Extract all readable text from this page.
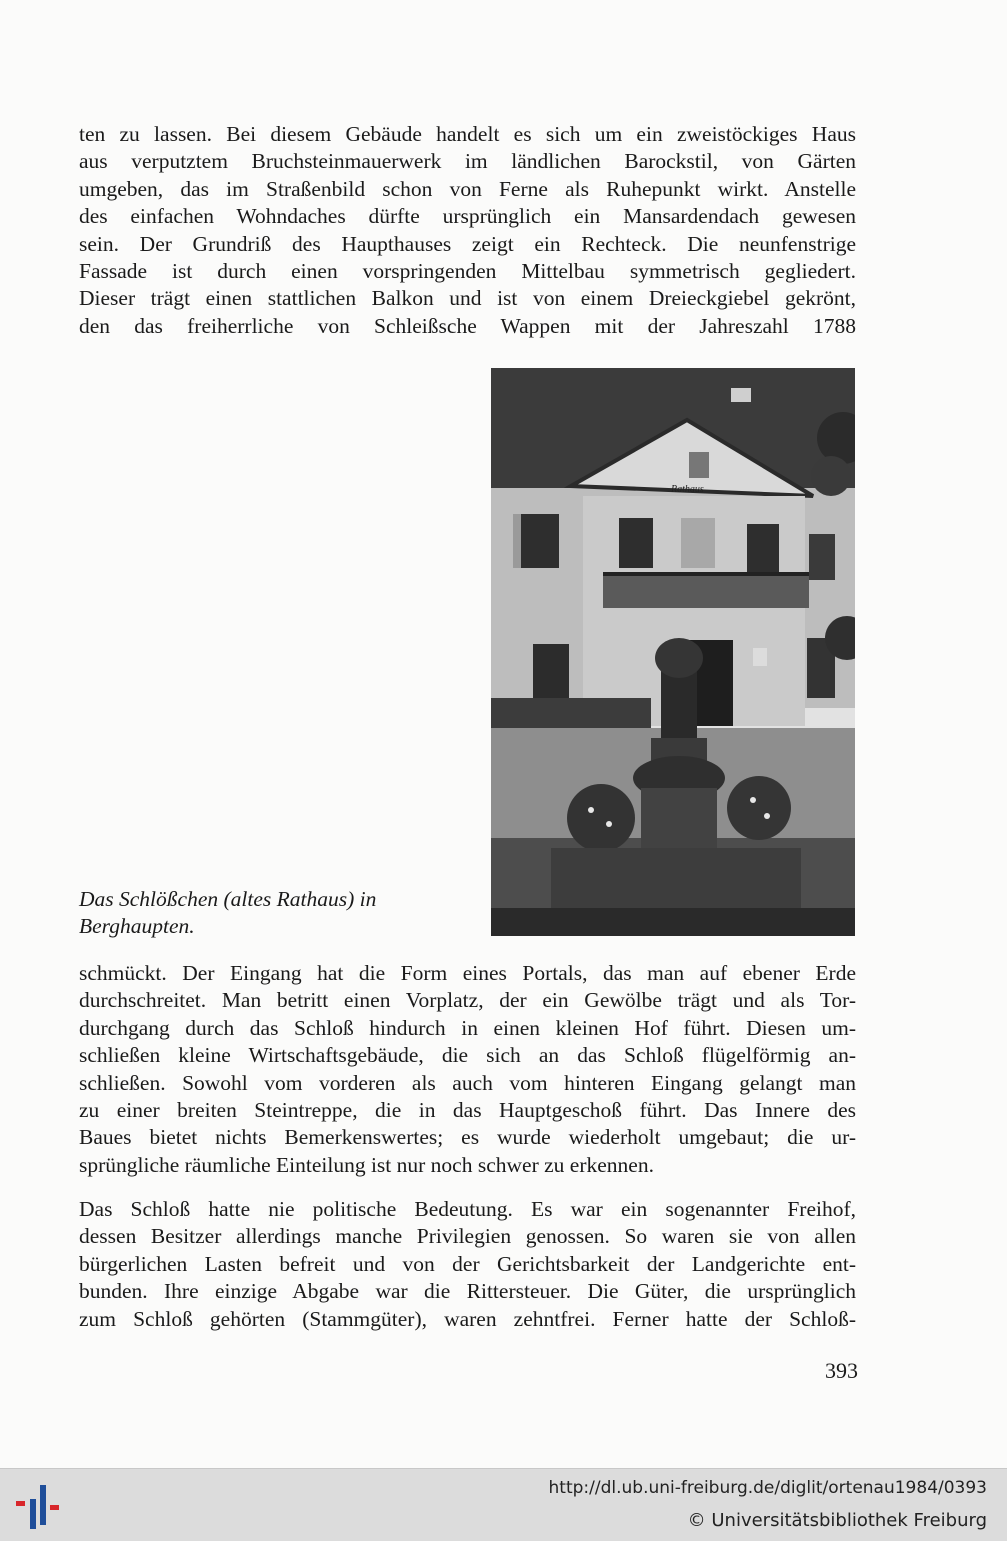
ten zu lassen. Bei diesem Gebäude handelt es sich um ein zweistöckiges Haus
aus verputztem Bruchsteinmauerwerk im ländlichen Barockstil, von Gärten
umgeben, das im Straßenbild schon von Ferne als Ruhepunkt wirkt. Anstelle
des einfachen Wohndaches dürfte ursprünglich ein Mansardendach gewesen
sein. Der Grundriß des Haupthauses zeigt ein Rechteck. Die neunfenstrige
Fassade ist durch einen vorspringenden Mittelbau symmetrisch gegliedert.
Dieser trägt einen stattlichen Balkon und ist von einem Dreieckgiebel gekrönt,
den das freiherrliche von Schleißsche Wappen mit der Jahreszahl 1788

Rathaus

Das Schlößchen (altes Rathaus) in
Berghaupten.

schmückt. Der Eingang hat die Form eines Portals, das man auf ebener Erde
durchschreitet. Man betritt einen Vorplatz, der ein Gewölbe trägt und als Tor-
durchgang durch das Schloß hindurch in einen kleinen Hof führt. Diesen um-
schließen kleine Wirtschaftsgebäude, die sich an das Schloß flügelförmig an-
schließen. Sowohl vom vorderen als auch vom hinteren Eingang gelangt man
zu einer breiten Steintreppe, die in das Hauptgeschoß führt. Das Innere des
Baues bietet nichts Bemerkenswertes; es wurde wiederholt umgebaut; die ur-
sprüngliche räumliche Einteilung ist nur noch schwer zu erkennen.

Das Schloß hatte nie politische Bedeutung. Es war ein sogenannter Freihof,
dessen Besitzer allerdings manche Privilegien genossen. So waren sie von allen
bürgerlichen Lasten befreit und von der Gerichtsbarkeit der Landgerichte ent-
bunden. Ihre einzige Abgabe war die Rittersteuer. Die Güter, die ursprünglich
zum Schloß gehörten (Stammgüter), waren zehntfrei. Ferner hatte der Schloß-

393
http://dl.ub.uni-freiburg.de/diglit/ortenau1984/0393
© Universitätsbibliothek Freiburg
